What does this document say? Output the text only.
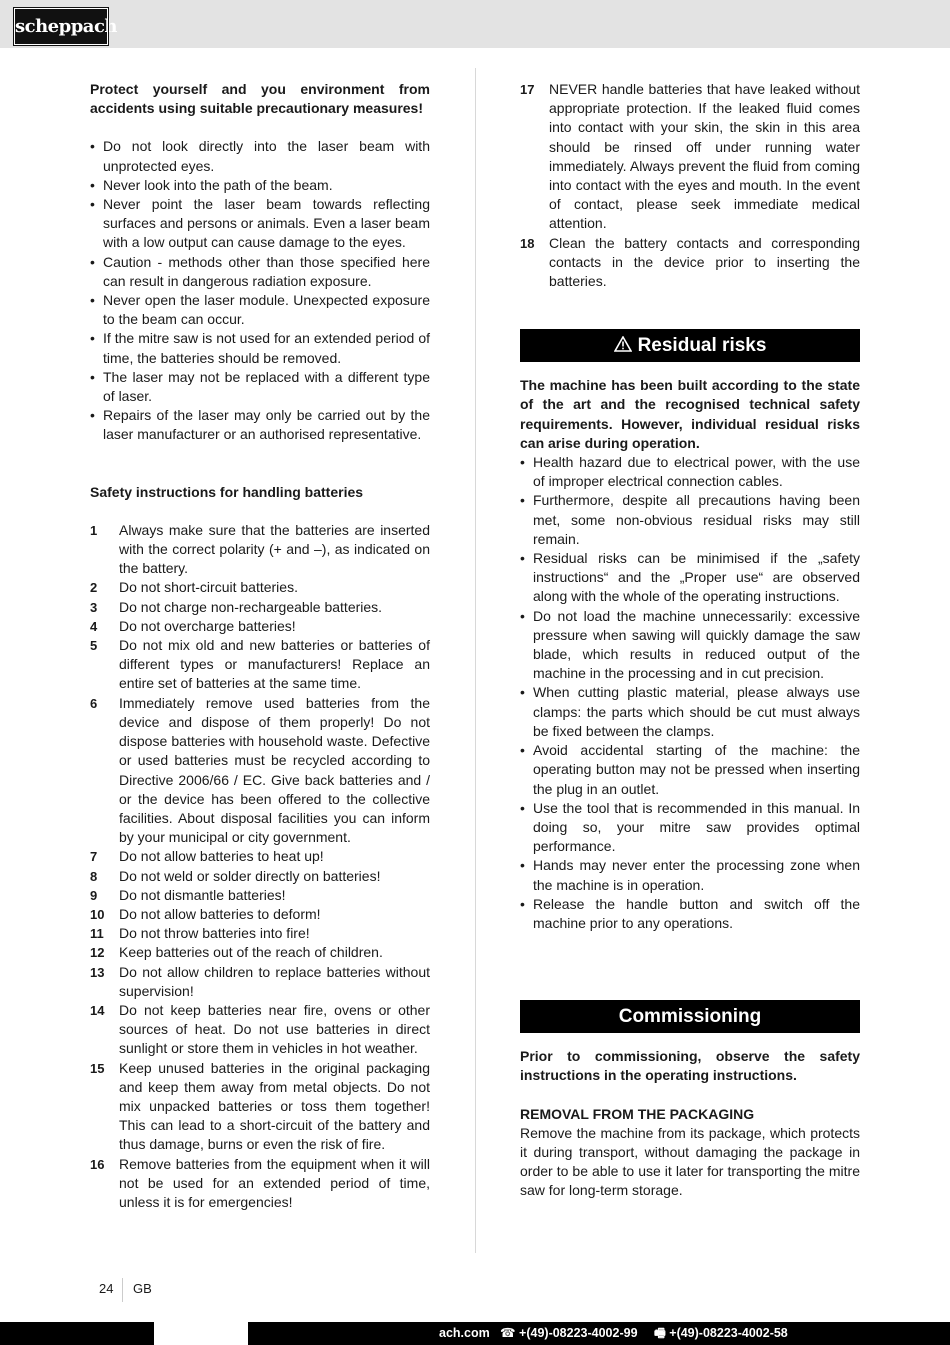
scheppach

Protect yourself and you environment from accidents using suitable precautionary measures!

• Do not look directly into the laser beam with unprotected eyes.
• Never look into the path of the beam.
• Never point the laser beam towards reflecting surfaces and persons or animals. Even a laser beam with a low output can cause damage to the eyes.
• Caution - methods other than those specified here can result in dangerous radiation exposure.
• Never open the laser module. Unexpected exposure to the beam can occur.
• If the mitre saw is not used for an extended period of time, the batteries should be removed.
• The laser may not be replaced with a different type of laser.
• Repairs of the laser may only be carried out by the laser manufacturer or an authorised representative.

Safety instructions for handling batteries

1 Always make sure that the batteries are inserted with the correct polarity (+ and –), as indicated on the battery.
2 Do not short-circuit batteries.
3 Do not charge non-rechargeable batteries.
4 Do not overcharge batteries!
5 Do not mix old and new batteries or batteries of different types or manufacturers! Replace an entire set of batteries at the same time.
6 Immediately remove used batteries from the device and dispose of them properly! Do not dispose batteries with household waste. Defective or used batteries must be recycled according to Directive 2006/66 / EC. Give back batteries and / or the device has been offered to the collective facilities. About disposal facilities you can inform by your municipal or city government.
7 Do not allow batteries to heat up!
8 Do not weld or solder directly on batteries!
9 Do not dismantle batteries!
10 Do not allow batteries to deform!
11 Do not throw batteries into fire!
12 Keep batteries out of the reach of children.
13 Do not allow children to replace batteries without supervision!
14 Do not keep batteries near fire, ovens or other sources of heat. Do not use batteries in direct sunlight or store them in vehicles in hot weather.
15 Keep unused batteries in the original packaging and keep them away from metal objects. Do not mix unpacked batteries or toss them together! This can lead to a short-circuit of the battery and thus damage, burns or even the risk of fire.
16 Remove batteries from the equipment when it will not be used for an extended period of time, unless it is for emergencies!
17 NEVER handle batteries that have leaked without appropriate protection. If the leaked fluid comes into contact with your skin, the skin in this area should be rinsed off under running water immediately. Always prevent the fluid from coming into contact with the eyes and mouth. In the event of contact, please seek immediate medical attention.
18 Clean the battery contacts and corresponding contacts in the device prior to inserting the batteries.
Residual risks

The machine has been built according to the state of the art and the recognised technical safety requirements. However, individual residual risks can arise during operation.

• Health hazard due to electrical power, with the use of improper electrical connection cables.
• Furthermore, despite all precautions having been met, some non-obvious residual risks may still remain.
• Residual risks can be minimised if the „safety instructions“ and the „Proper use“ are observed along with the whole of the operating instructions.
• Do not load the machine unnecessarily: excessive pressure when sawing will quickly damage the saw blade, which results in reduced output of the machine in the processing and in cut precision.
• When cutting plastic material, please always use clamps: the parts which should be cut must always be fixed between the clamps.
• Avoid accidental starting of the machine: the operating button may not be pressed when inserting the plug in an outlet.
• Use the tool that is recommended in this manual. In doing so, your mitre saw provides optimal performance.
• Hands may never enter the processing zone when the machine is in operation.
• Release the handle button and switch off the machine prior to any operations.
Commissioning

Prior to commissioning, observe the safety instructions in the operating instructions.

REMOVAL FROM THE PACKAGING

Remove the machine from its package, which protects it during transport, without damaging the package in order to be able to use it later for transporting the mitre saw for long-term storage.

24 GB
ach.com ☎ +(49)-08223-4002-99 🖷 +(49)-08223-4002-58
